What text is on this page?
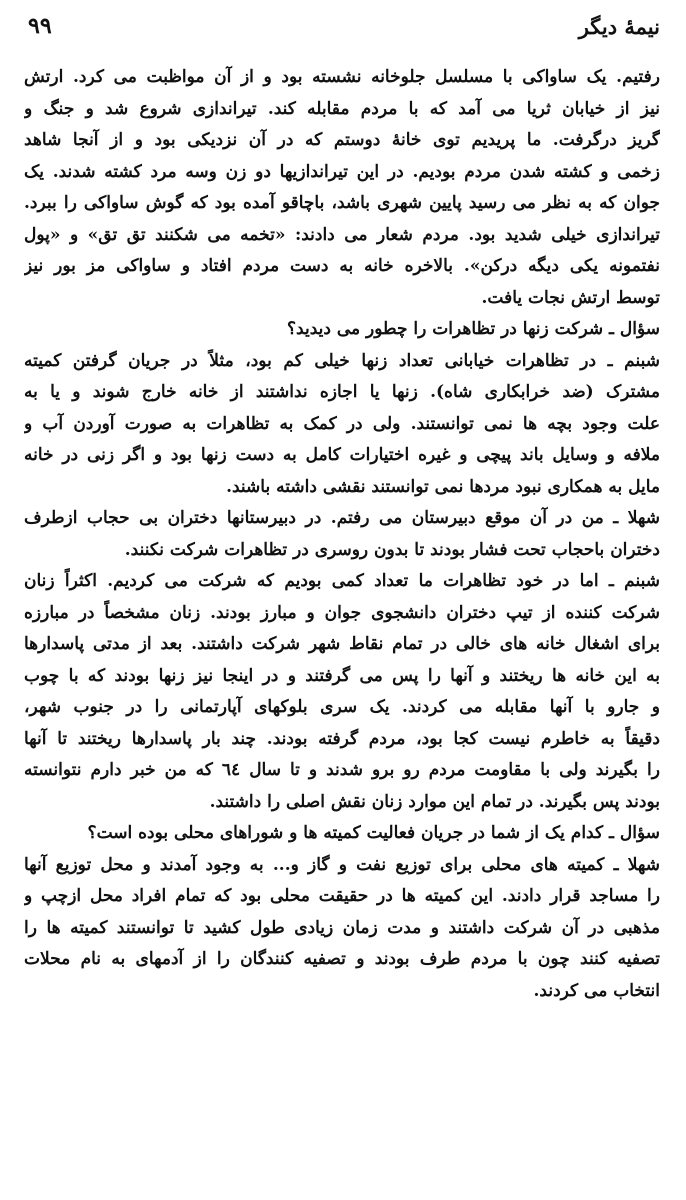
نیمهٔ دیگر
۹۹
رفتیم. یک ساواکی با مسلسل جلوخانه نشسته بود و از آن مواظبت می کرد. ارتش
نیز از خیابان ثریا می آمد که با مردم مقابله کند. تیراندازی شروع شد و جنگ و
گریز درگرفت. ما پریدیم توی خانهٔ دوستم که در آن نزدیکی بود و از آنجا شاهد
زخمی و کشته شدن مردم بودیم. در این تیراندازیها دو زن وسه مرد کشته شدند. یک
جوان که به نظر می رسید پایین شهری باشد، باچاقو آمده بود که گوش ساواکی را ببرد.
تیراندازی خیلی شدید بود. مردم شعار می دادند: «تخمه می شکنند تق تق» و «پول
نفتمونه یکی دیگه درکن». بالاخره خانه به دست مردم افتاد و ساواکی مز بور نیز
توسط ارتش نجات یافت.
سؤال ـ شرکت زنها در تظاهرات را چطور می دیدید؟
شبنم ـ در تظاهرات خیابانی تعداد زنها خیلی کم بود، مثلاً در جریان گرفتن کمیته
مشترک (ضد خرابکاری شاه). زنها یا اجازه نداشتند از خانه خارج شوند و یا به
علت وجود بچه ها نمی توانستند. ولی در کمک به تظاهرات به صورت آوردن آب و
ملافه و وسایل باند پیچی و غیره اختیارات کامل به دست زنها بود و اگر زنی در خانه
مایل به همکاری نبود مردها نمی توانستند نقشی داشته باشند.
شهلا ـ من در آن موقع دبیرستان می رفتم. در دبیرستانها دختران بی حجاب ازطرف
دختران باحجاب تحت فشار بودند تا بدون روسری در تظاهرات شرکت نکنند.
شبنم ـ اما در خود تظاهرات ما تعداد کمی بودیم که شرکت می کردیم. اکثراً زنان
شرکت کننده از تیپ دختران دانشجوی جوان و مبارز بودند. زنان مشخصاً در مبارزه
برای اشغال خانه های خالی در تمام نقاط شهر شرکت داشتند. بعد از مدتی پاسدارها
به این خانه ها ریختند و آنها را پس می گرفتند و در اینجا نیز زنها بودند که با چوب
و جارو با آنها مقابله می کردند. یک سری بلوکهای آپارتمانی را در جنوب شهر،
دقیقاً به خاطرم نیست کجا بود، مردم گرفته بودند. چند بار پاسدارها ریختند تا آنها
را بگیرند ولی با مقاومت مردم رو برو شدند و تا سال ٦٤ که من خبر دارم نتوانسته
بودند پس بگیرند. در تمام این موارد زنان نقش اصلی را داشتند.
سؤال ـ کدام یک از شما در جریان فعالیت کمیته ها و شوراهای محلی بوده است؟
شهلا ـ کمیته های محلی برای توزیع نفت و گاز و... به وجود آمدند و محل توزیع آنها
را مساجد قرار دادند. این کمیته ها در حقیقت محلی بود که تمام افراد محل ازچپ و
مذهبی در آن شرکت داشتند و مدت زمان زیادی طول کشید تا توانستند کمیته ها را
تصفیه کنند چون با مردم طرف بودند و تصفیه کنندگان را از آدمهای به نام محلات
انتخاب می کردند.
